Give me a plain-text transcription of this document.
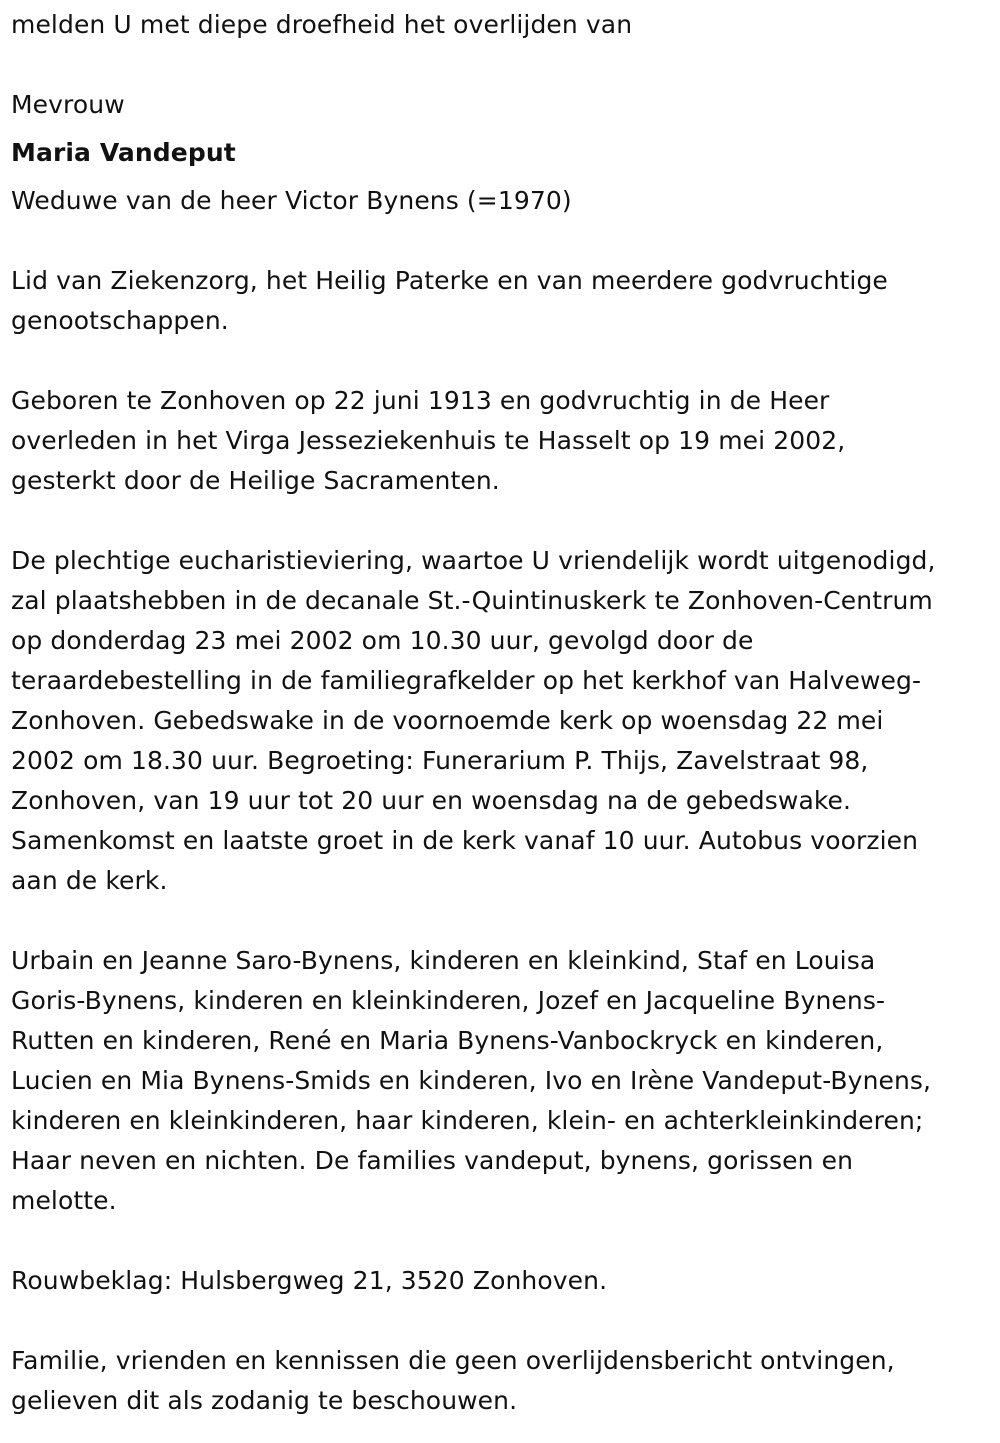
melden U met diepe droefheid het overlijden van

Mevrouw

Maria Vandeput

Weduwe van de heer Victor Bynens (=1970)

Lid van Ziekenzorg, het Heilig Paterke en van meerdere godvruchtige

genootschappen.

Geboren te Zonhoven op 22 juni 1913 en godvruchtig in de Heer

overleden in het Virga Jesseziekenhuis te Hasselt op 19 mei 2002,

gesterkt door de Heilige Sacramenten.

De plechtige eucharistieviering, waartoe U vriendelijk wordt uitgenodigd,

zal plaatshebben in de decanale St.-Quintinuskerk te Zonhoven-Centrum

op donderdag 23 mei 2002 om 10.30 uur, gevolgd door de

teraardebestelling in de familiegrafkelder op het kerkhof van Halveweg-

Zonhoven. Gebedswake in de voornoemde kerk op woensdag 22 mei

2002 om 18.30 uur. Begroeting: Funerarium P. Thijs, Zavelstraat 98,

Zonhoven, van 19 uur tot 20 uur en woensdag na de gebedswake.

Samenkomst en laatste groet in de kerk vanaf 10 uur. Autobus voorzien

aan de kerk.

Urbain en Jeanne Saro-Bynens, kinderen en kleinkind, Staf en Louisa

Goris-Bynens, kinderen en kleinkinderen, Jozef en Jacqueline Bynens-

Rutten en kinderen, René en Maria Bynens-Vanbockryck en kinderen,

Lucien en Mia Bynens-Smids en kinderen, Ivo en Irène Vandeput-Bynens,

kinderen en kleinkinderen, haar kinderen, klein- en achterkleinkinderen;

Haar neven en nichten. De families vandeput, bynens, gorissen en

melotte.

Rouwbeklag: Hulsbergweg 21, 3520 Zonhoven.

Familie, vrienden en kennissen die geen overlijdensbericht ontvingen,

gelieven dit als zodanig te beschouwen.
